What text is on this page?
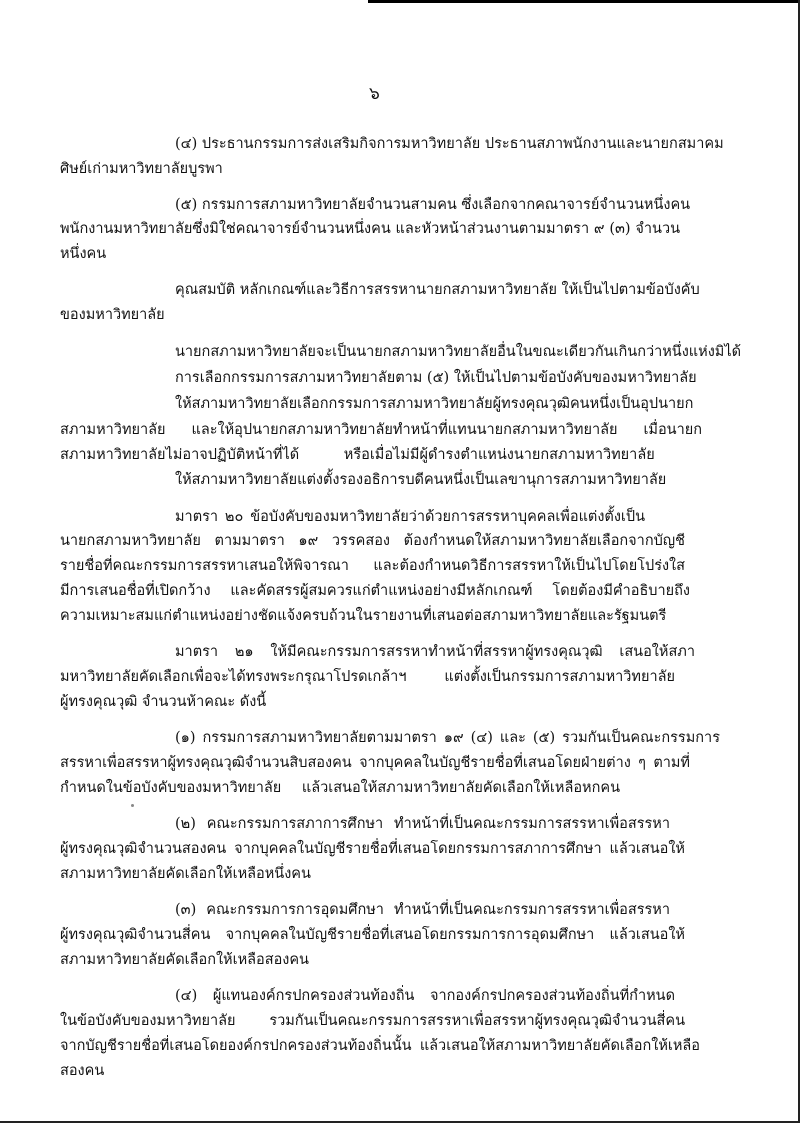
๖
(๔) ประธานกรรมการส่งเสริมกิจการมหาวิทยาลัย ประธานสภาพนักงานและนายกสมาคม
ศิษย์เก่ามหาวิทยาลัยบูรพา
(๕) กรรมการสภามหาวิทยาลัยจำนวนสามคน ซึ่งเลือกจากคณาจารย์จำนวนหนึ่งคน
พนักงานมหาวิทยาลัยซึ่งมิใช่คณาจารย์จำนวนหนึ่งคน และหัวหน้าส่วนงานตามมาตรา ๙ (๓) จำนวน
หนึ่งคน
คุณสมบัติ หลักเกณฑ์และวิธีการสรรหานายกสภามหาวิทยาลัย ให้เป็นไปตามข้อบังคับ
ของมหาวิทยาลัย
นายกสภามหาวิทยาลัยจะเป็นนายกสภามหาวิทยาลัยอื่นในขณะเดียวกันเกินกว่าหนึ่งแห่งมิได้
การเลือกกรรมการสภามหาวิทยาลัยตาม (๕) ให้เป็นไปตามข้อบังคับของมหาวิทยาลัย
ให้สภามหาวิทยาลัยเลือกกรรมการสภามหาวิทยาลัยผู้ทรงคุณวุฒิคนหนึ่งเป็นอุปนายก
สภามหาวิทยาลัย และให้อุปนายกสภามหาวิทยาลัยทำหน้าที่แทนนายกสภามหาวิทยาลัย เมื่อนายก
สภามหาวิทยาลัยไม่อาจปฏิบัติหน้าที่ได้ หรือเมื่อไม่มีผู้ดำรงตำแหน่งนายกสภามหาวิทยาลัย
ให้สภามหาวิทยาลัยแต่งตั้งรองอธิการบดีคนหนึ่งเป็นเลขานุการสภามหาวิทยาลัย
มาตรา ๒๐ ข้อบังคับของมหาวิทยาลัยว่าด้วยการสรรหาบุคคลเพื่อแต่งตั้งเป็น
นายกสภามหาวิทยาลัย ตามมาตรา ๑๙ วรรคสอง ต้องกำหนดให้สภามหาวิทยาลัยเลือกจากบัญชี
รายชื่อที่คณะกรรมการสรรหาเสนอให้พิจารณา และต้องกำหนดวิธีการสรรหาให้เป็นไปโดยโปร่งใส
มีการเสนอชื่อที่เปิดกว้าง และคัดสรรผู้สมควรแก่ตำแหน่งอย่างมีหลักเกณฑ์ โดยต้องมีคำอธิบายถึง
ความเหมาะสมแก่ตำแหน่งอย่างชัดแจ้งครบถ้วนในรายงานที่เสนอต่อสภามหาวิทยาลัยและรัฐมนตรี
มาตรา ๒๑ ให้มีคณะกรรมการสรรหาทำหน้าที่สรรหาผู้ทรงคุณวุฒิ เสนอให้สภา
มหาวิทยาลัยคัดเลือกเพื่อจะได้ทรงพระกรุณาโปรดเกล้าฯ แต่งตั้งเป็นกรรมการสภามหาวิทยาลัย
ผู้ทรงคุณวุฒิ จำนวนห้าคณะ ดังนี้
(๑) กรรมการสภามหาวิทยาลัยตามมาตรา ๑๙ (๔) และ (๕) รวมกันเป็นคณะกรรมการ
สรรหาเพื่อสรรหาผู้ทรงคุณวุฒิจำนวนสิบสองคน จากบุคคลในบัญชีรายชื่อที่เสนอโดยฝ่ายต่าง ๆ ตามที่
กำหนดในข้อบังคับของมหาวิทยาลัย แล้วเสนอให้สภามหาวิทยาลัยคัดเลือกให้เหลือหกคน
(๒) คณะกรรมการสภาการศึกษา ทำหน้าที่เป็นคณะกรรมการสรรหาเพื่อสรรหา
ผู้ทรงคุณวุฒิจำนวนสองคน จากบุคคลในบัญชีรายชื่อที่เสนอโดยกรรมการสภาการศึกษา แล้วเสนอให้
สภามหาวิทยาลัยคัดเลือกให้เหลือหนึ่งคน
(๓) คณะกรรมการการอุดมศึกษา ทำหน้าที่เป็นคณะกรรมการสรรหาเพื่อสรรหา
ผู้ทรงคุณวุฒิจำนวนสี่คน จากบุคคลในบัญชีรายชื่อที่เสนอโดยกรรมการการอุดมศึกษา แล้วเสนอให้
สภามหาวิทยาลัยคัดเลือกให้เหลือสองคน
(๔) ผู้แทนองค์กรปกครองส่วนท้องถิ่น จากองค์กรปกครองส่วนท้องถิ่นที่กำหนด
ในข้อบังคับของมหาวิทยาลัย รวมกันเป็นคณะกรรมการสรรหาเพื่อสรรหาผู้ทรงคุณวุฒิจำนวนสี่คน
จากบัญชีรายชื่อที่เสนอโดยองค์กรปกครองส่วนท้องถิ่นนั้น แล้วเสนอให้สภามหาวิทยาลัยคัดเลือกให้เหลือ
สองคน
